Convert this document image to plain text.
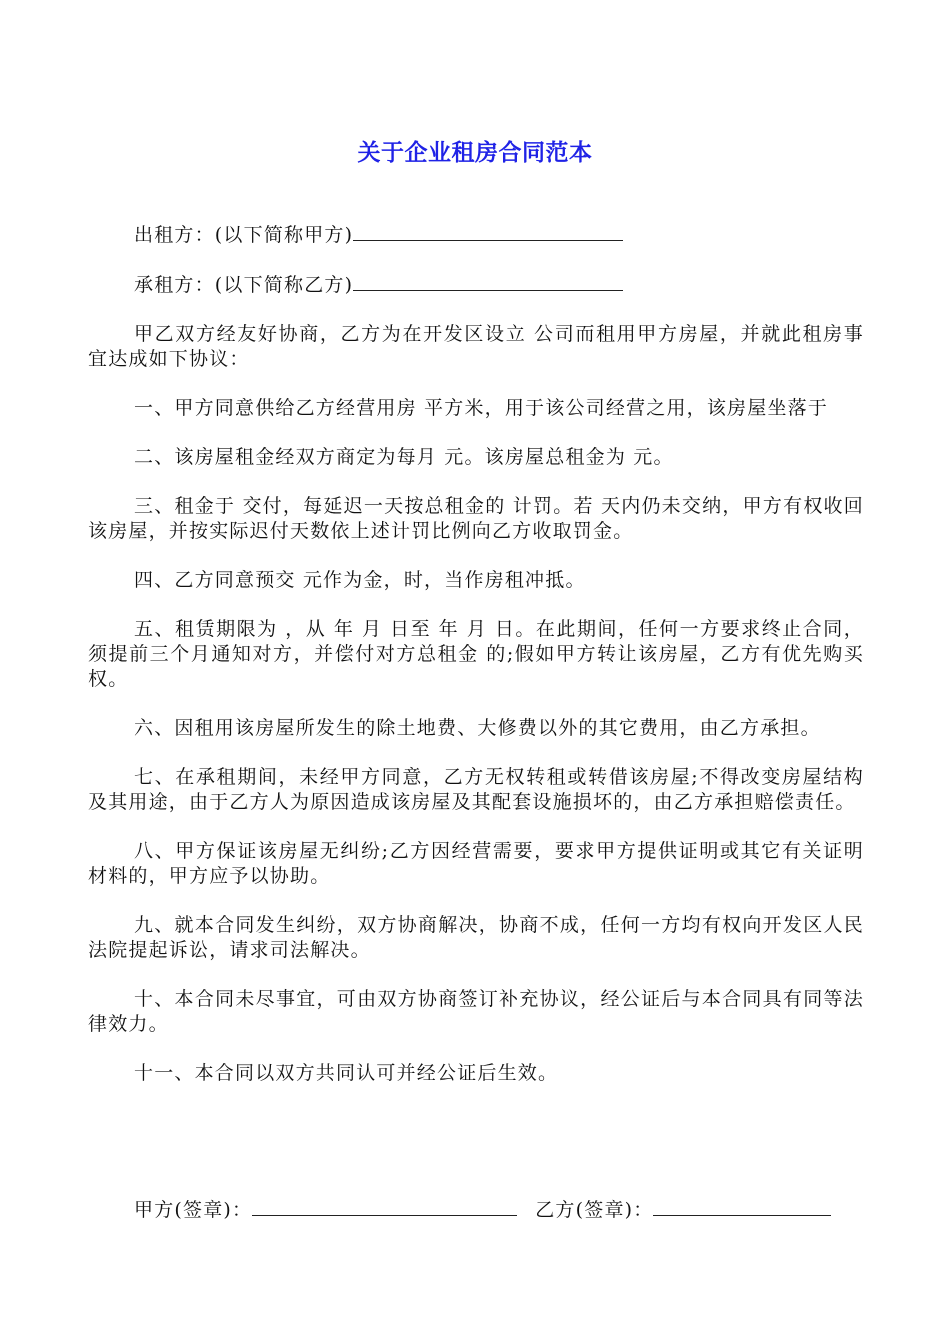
关于企业租房合同范本

出租方：(以下简称甲方)

承租方：(以下简称乙方)

甲乙双方经友好协商，乙方为在开发区设立 公司而租用甲方房屋，并就此租房事宜达成如下协议：

一、甲方同意供给乙方经营用房 平方米，用于该公司经营之用，该房屋坐落于

二、该房屋租金经双方商定为每月 元。该房屋总租金为 元。

三、租金于 交付，每延迟一天按总租金的 计罚。若 天内仍未交纳，甲方有权收回该房屋，并按实际迟付天数依上述计罚比例向乙方收取罚金。

四、乙方同意预交 元作为金，时，当作房租冲抵。

五、租赁期限为 ，从 年 月 日至 年 月 日。在此期间，任何一方要求终止合同，须提前三个月通知对方，并偿付对方总租金 的;假如甲方转让该房屋，乙方有优先购买权。

六、因租用该房屋所发生的除土地费、大修费以外的其它费用，由乙方承担。

七、在承租期间，未经甲方同意，乙方无权转租或转借该房屋;不得改变房屋结构及其用途，由于乙方人为原因造成该房屋及其配套设施损坏的，由乙方承担赔偿责任。

八、甲方保证该房屋无纠纷;乙方因经营需要，要求甲方提供证明或其它有关证明材料的，甲方应予以协助。

九、就本合同发生纠纷，双方协商解决，协商不成，任何一方均有权向开发区人民法院提起诉讼，请求司法解决。

十、本合同未尽事宜，可由双方协商签订补充协议，经公证后与本合同具有同等法律效力。

十一、本合同以双方共同认可并经公证后生效。

甲方(签章)：	乙方(签章)：
